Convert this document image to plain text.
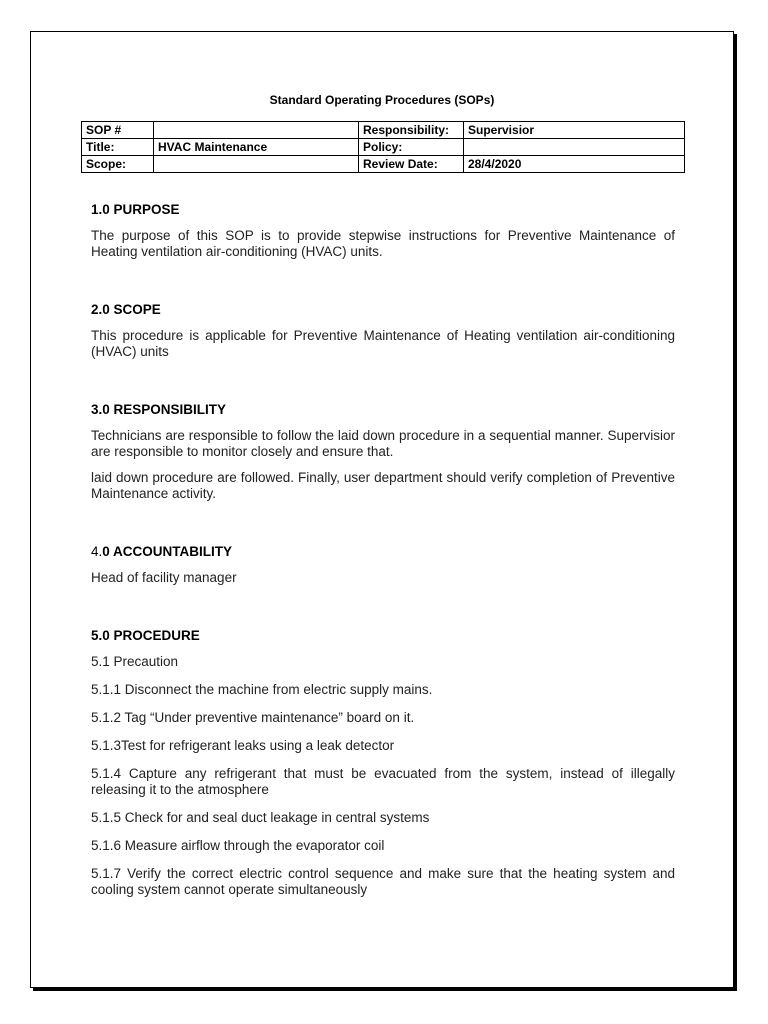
Standard Operating Procedures (SOPs)
SOP #		Responsibility:	Supervisior
Title:	HVAC Maintenance	Policy:	
Scope:		Review Date:	28/4/2020

1.0 PURPOSE

The purpose of this SOP is to provide stepwise instructions for Preventive Maintenance of Heating ventilation air-conditioning (HVAC) units.

2.0 SCOPE

This procedure is applicable for Preventive Maintenance of Heating ventilation air-conditioning (HVAC) units

3.0 RESPONSIBILITY

Technicians are responsible to follow the laid down procedure in a sequential manner. Supervisior are responsible to monitor closely and ensure that.

laid down procedure are followed. Finally, user department should verify completion of Preventive Maintenance activity.

4.0 ACCOUNTABILITY

Head of facility manager

5.0 PROCEDURE

5.1 Precaution

5.1.1 Disconnect the machine from electric supply mains.

5.1.2 Tag “Under preventive maintenance” board on it.

5.1.3Test for refrigerant leaks using a leak detector

5.1.4 Capture any refrigerant that must be evacuated from the system, instead of illegally releasing it to the atmosphere

5.1.5 Check for and seal duct leakage in central systems

5.1.6 Measure airflow through the evaporator coil

5.1.7 Verify the correct electric control sequence and make sure that the heating system and cooling system cannot operate simultaneously
